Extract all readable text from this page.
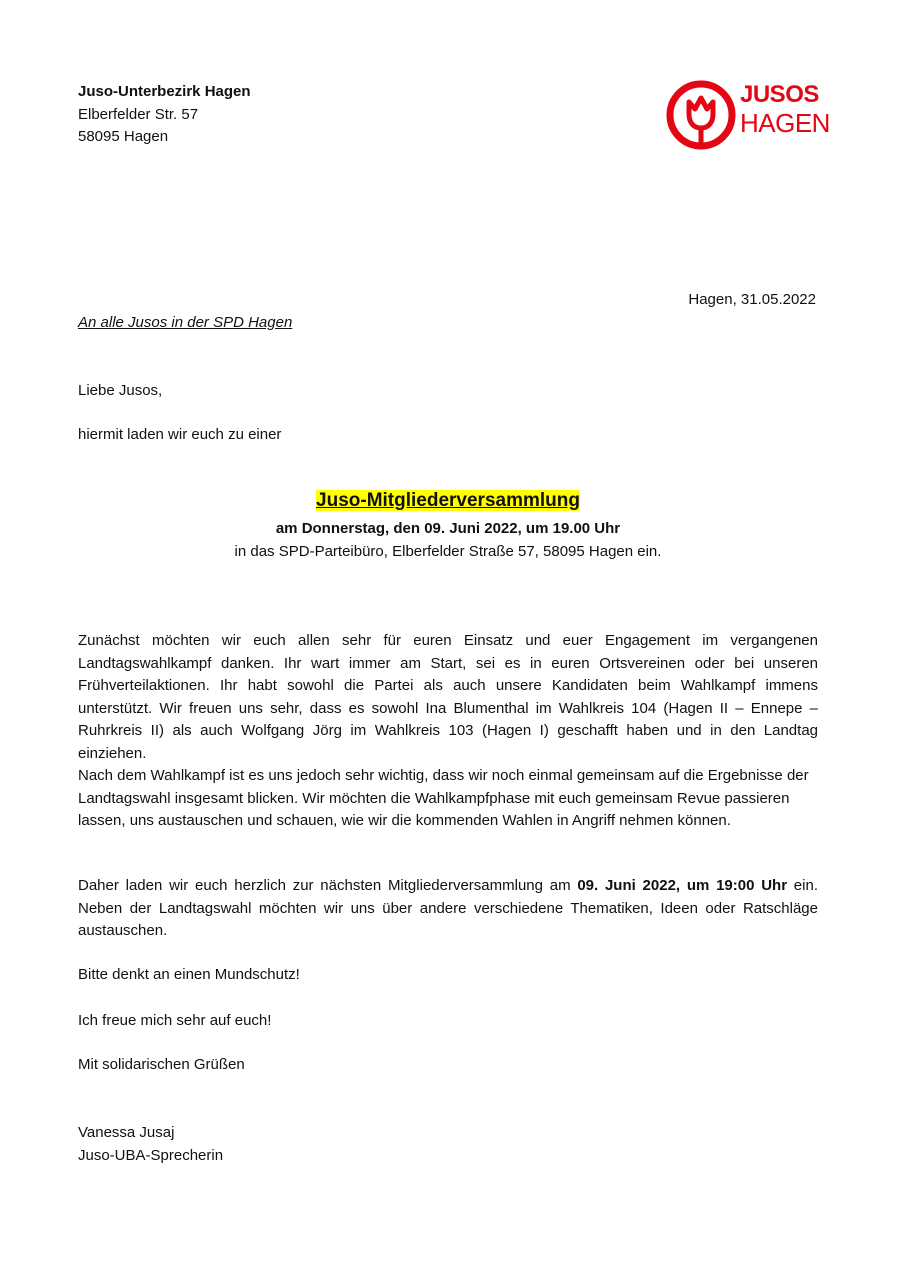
Juso-Unterbezirk Hagen
Elberfelder Str. 57
58095 Hagen
JUSOS
HAGEN
Hagen, 31.05.2022
An alle Jusos in der SPD Hagen
Liebe Jusos,
hiermit laden wir euch zu einer
Juso-Mitgliederversammlung
am Donnerstag, den 09. Juni 2022, um 19.00 Uhr
in das SPD-Parteibüro, Elberfelder Straße 57, 58095 Hagen ein.
Zunächst möchten wir euch allen sehr für euren Einsatz und euer Engagement im vergangenen Landtagswahlkampf danken. Ihr wart immer am Start, sei es in euren Ortsvereinen oder bei unseren Frühverteilaktionen. Ihr habt sowohl die Partei als auch unsere Kandidaten beim Wahlkampf immens unterstützt. Wir freuen uns sehr, dass es sowohl Ina Blumenthal im Wahlkreis 104 (Hagen II – Ennepe – Ruhrkreis II) als auch Wolfgang Jörg im Wahlkreis 103 (Hagen I) geschafft haben und in den Landtag einziehen.
Nach dem Wahlkampf ist es uns jedoch sehr wichtig, dass wir noch einmal gemeinsam auf die Ergebnisse der Landtagswahl insgesamt blicken. Wir möchten die Wahlkampfphase mit euch gemeinsam Revue passieren lassen, uns austauschen und schauen, wie wir die kommenden Wahlen in Angriff nehmen können.
Daher laden wir euch herzlich zur nächsten Mitgliederversammlung am 09. Juni 2022, um 19:00 Uhr ein. Neben der Landtagswahl möchten wir uns über andere verschiedene Thematiken, Ideen oder Ratschläge austauschen.
Bitte denkt an einen Mundschutz!
Ich freue mich sehr auf euch!
Mit solidarischen Grüßen
Vanessa Jusaj
Juso-UBA-Sprecherin
